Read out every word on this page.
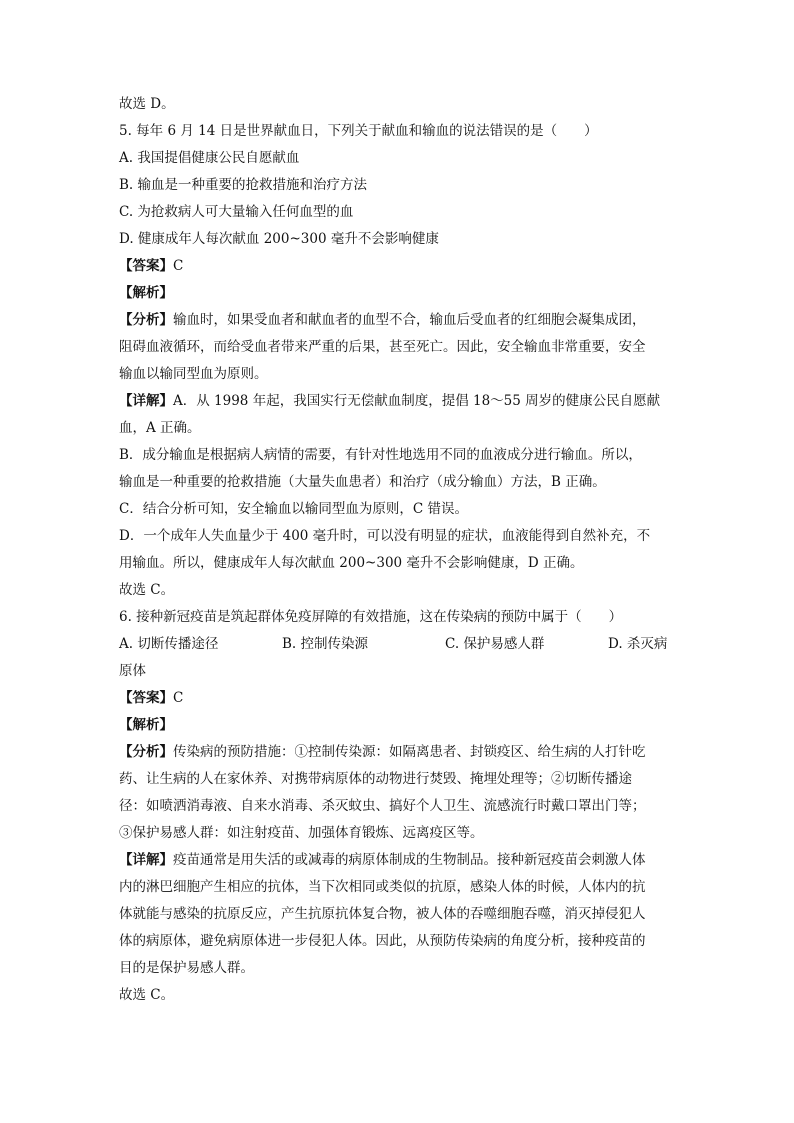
故选 D。
5. 每年 6 月 14 日是世界献血日，下列关于献血和输血的说法错误的是（　　）
A. 我国提倡健康公民自愿献血
B. 输血是一种重要的抢救措施和治疗方法
C. 为抢救病人可大量输入任何血型的血
D. 健康成年人每次献血 200~300 毫升不会影响健康
【答案】C
【解析】
【分析】输血时，如果受血者和献血者的血型不合，输血后受血者的红细胞会凝集成团，
阻碍血液循环，而给受血者带来严重的后果，甚至死亡。因此，安全输血非常重要，安全
输血以输同型血为原则。
【详解】A．从 1998 年起，我国实行无偿献血制度，提倡 18～55 周岁的健康公民自愿献
血，A 正确。
B．成分输血是根据病人病情的需要，有针对性地选用不同的血液成分进行输血。所以，
输血是一种重要的抢救措施（大量失血患者）和治疗（成分输血）方法，B 正确。
C．结合分析可知，安全输血以输同型血为原则，C 错误。
D．一个成年人失血量少于 400 毫升时，可以没有明显的症状，血液能得到自然补充，不
用输血。所以，健康成年人每次献血 200~300 毫升不会影响健康，D 正确。
故选 C。
6. 接种新冠疫苗是筑起群体免疫屏障的有效措施，这在传染病的预防中属于（　　）
A. 切断传播途径	B. 控制传染源	C. 保护易感人群	D. 杀灭病
原体
【答案】C
【解析】
【分析】传染病的预防措施：①控制传染源：如隔离患者、封锁疫区、给生病的人打针吃
药、让生病的人在家休养、对携带病原体的动物进行焚毁、掩埋处理等；②切断传播途
径：如喷洒消毒液、自来水消毒、杀灭蚊虫、搞好个人卫生、流感流行时戴口罩出门等；
③保护易感人群：如注射疫苗、加强体育锻炼、远离疫区等。
【详解】疫苗通常是用失活的或减毒的病原体制成的生物制品。接种新冠疫苗会刺激人体
内的淋巴细胞产生相应的抗体，当下次相同或类似的抗原，感染人体的时候，人体内的抗
体就能与感染的抗原反应，产生抗原抗体复合物，被人体的吞噬细胞吞噬，消灭掉侵犯人
体的病原体，避免病原体进一步侵犯人体。因此，从预防传染病的角度分析，接种疫苗的
目的是保护易感人群。
故选 C。
